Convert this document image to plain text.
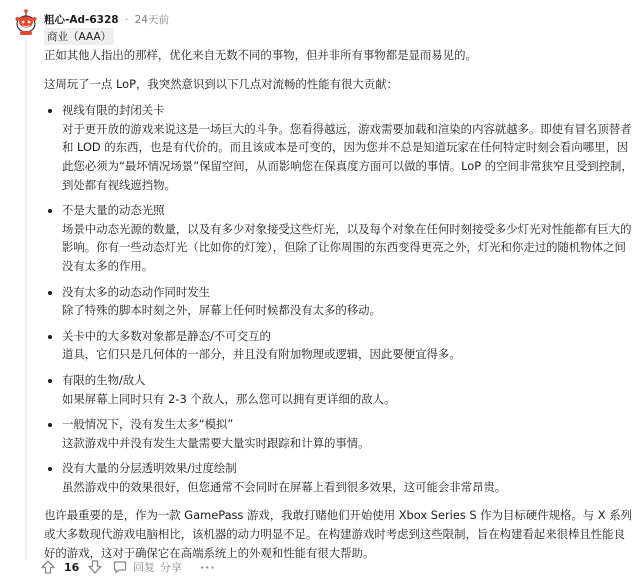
粗心-Ad-6328 · 24天前
商业（AAA）

正如其他人指出的那样，优化来自无数不同的事物，但并非所有事物都是显而易见的。

这周玩了一点 LoP，我突然意识到以下几点对流畅的性能有很大贡献：

视线有限的封闭关卡
对于更开放的游戏来说这是一场巨大的斗争。您看得越远，游戏需要加载和渲染的内容就越多。即使有冒名顶替者和 LOD 的东西，也是有代价的。而且该成本是可变的，因为您并不总是知道玩家在任何特定时刻会看向哪里，因此您必须为“最坏情况场景”保留空间，从而影响您在保真度方面可以做的事情。LoP 的空间非常狭窄且受到控制，到处都有视线遮挡物。
不是大量的动态光照
场景中动态光源的数量，以及有多少对象接受这些灯光，以及每个对象在任何时刻接受多少灯光对性能都有巨大的影响。你有一些动态灯光（比如你的灯笼），但除了让你周围的东西变得更亮之外，灯光和你走过的随机物体之间没有太多的作用。
没有太多的动态动作同时发生
除了特殊的脚本时刻之外，屏幕上任何时候都没有太多的移动。
关卡中的大多数对象都是静态/不可交互的
道具，它们只是几何体的一部分，并且没有附加物理或逻辑，因此要便宜得多。
有限的生物/敌人
如果屏幕上同时只有 2-3 个敌人，那么您可以拥有更详细的敌人。
一般情况下，没有发生太多“模拟”
这款游戏中并没有发生大量需要大量实时跟踪和计算的事情。
没有大量的分层透明效果/过度绘制
虽然游戏中的效果很好，但您通常不会同时在屏幕上看到很多效果，这可能会非常昂贵。

也许最重要的是，作为一款 GamePass 游戏，我敢打赌他们开始使用 Xbox Series S 作为目标硬件规格。与 X 系列或大多数现代游戏电脑相比，该机器的动力明显不足。在构建游戏时考虑到这些限制，旨在构建看起来很棒且性能良好的游戏，这对于确保它在高端系统上的外观和性能有很大帮助。

16	回复 分享 ···
